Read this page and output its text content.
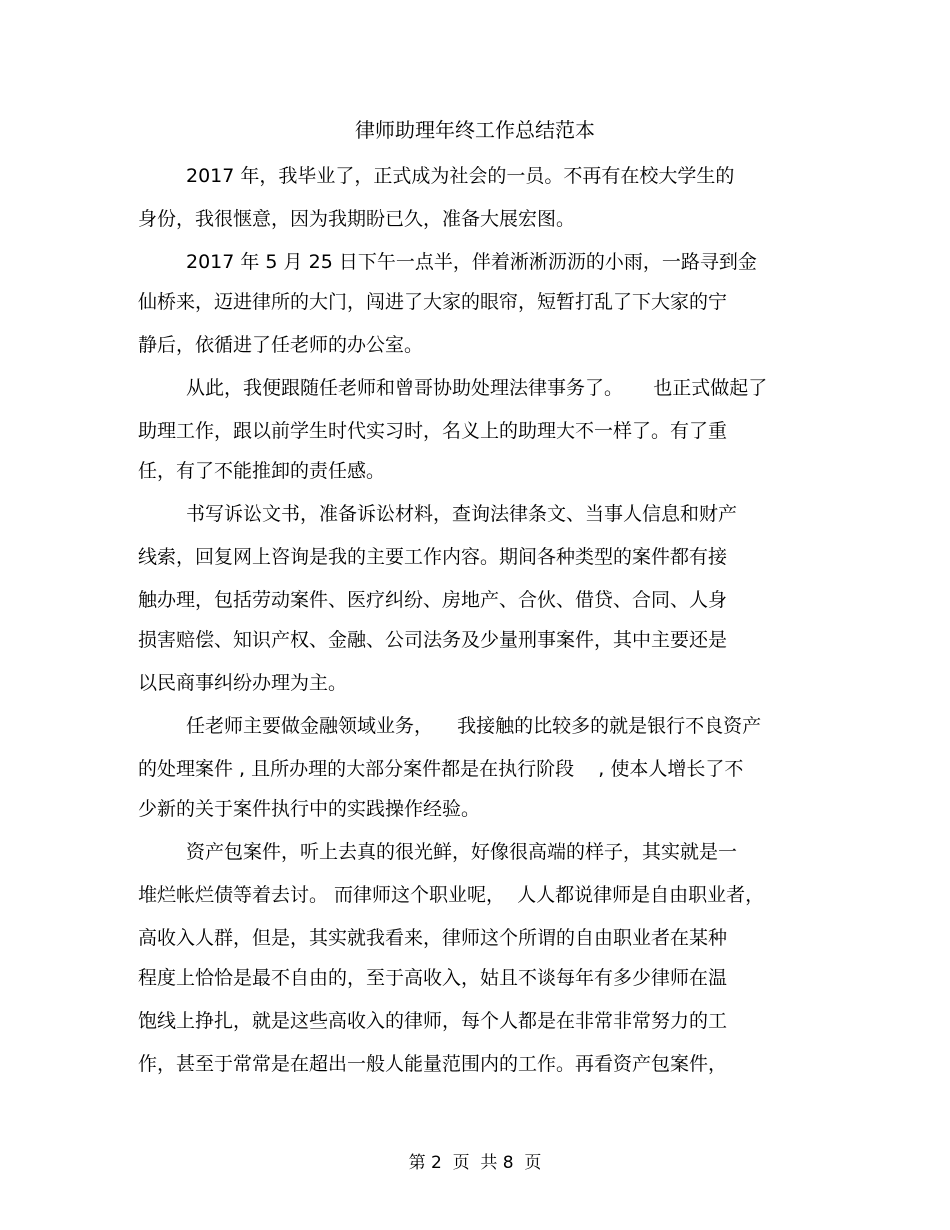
律师助理年终工作总结范本
2017 年，我毕业了，正式成为社会的一员。不再有在校大学生的
身份，我很惬意，因为我期盼已久，准备大展宏图。
2017 年 5 月 25 日下午一点半，伴着淅淅沥沥的小雨，一路寻到金
仙桥来，迈进律所的大门，闯进了大家的眼帘，短暂打乱了下大家的宁
静后，依循进了任老师的办公室。
从此，我便跟随任老师和曾哥协助处理法律事务了。     也正式做起了
助理工作，跟以前学生时代实习时，名义上的助理大不一样了。有了重
任，有了不能推卸的责任感。
书写诉讼文书，准备诉讼材料，查询法律条文、当事人信息和财产
线索，回复网上咨询是我的主要工作内容。期间各种类型的案件都有接
触办理，包括劳动案件、医疗纠纷、房地产、合伙、借贷、合同、人身
损害赔偿、知识产权、金融、公司法务及少量刑事案件，其中主要还是
以民商事纠纷办理为主。
任老师主要做金融领域业务，    我接触的比较多的就是银行不良资产
的处理案件 , 且所办理的大部分案件都是在执行阶段    , 使本人增长了不
少新的关于案件执行中的实践操作经验。
资产包案件，听上去真的很光鲜，好像很高端的样子，其实就是一
堆烂帐烂债等着去讨。 而律师这个职业呢，  人人都说律师是自由职业者，
高收入人群，但是，其实就我看来，律师这个所谓的自由职业者在某种
程度上恰恰是最不自由的，至于高收入，姑且不谈每年有多少律师在温
饱线上挣扎，就是这些高收入的律师，每个人都是在非常非常努力的工
作，甚至于常常是在超出一般人能量范围内的工作。再看资产包案件，
第 2  页  共 8  页
